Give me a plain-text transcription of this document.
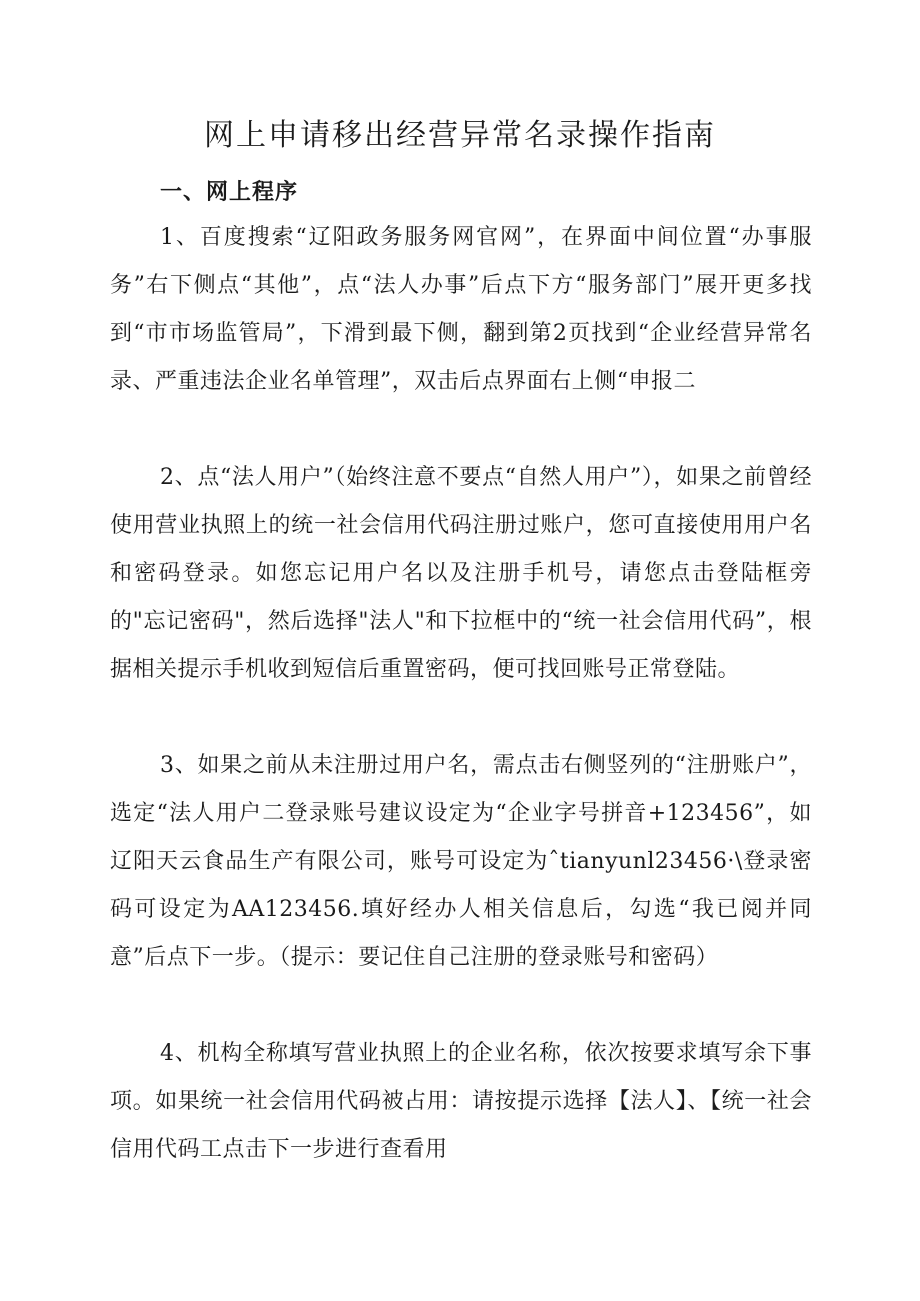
网上申请移出经营异常名录操作指南
一、网上程序

1、百度搜索“辽阳政务服务网官网”，在界面中间位置“办事服务”右下侧点“其他”，点“法人办事”后点下方“服务部门”展开更多找到“市市场监管局”，下滑到最下侧，翻到第2页找到“企业经营异常名录、严重违法企业名单管理”，双击后点界面右上侧“申报二

2、点“法人用户”（始终注意不要点“自然人用户”），如果之前曾经使用营业执照上的统一社会信用代码注册过账户，您可直接使用用户名和密码登录。如您忘记用户名以及注册手机号，请您点击登陆框旁的"忘记密码"，然后选择"法人"和下拉框中的“统一社会信用代码”，根据相关提示手机收到短信后重置密码，便可找回账号正常登陆。

3、如果之前从未注册过用户名，需点击右侧竖列的“注册账户”，选定“法人用户二登录账号建议设定为“企业字号拼音+123456”，如辽阳天云食品生产有限公司，账号可设定为ˆtianyunl23456·\登录密码可设定为AA123456.填好经办人相关信息后，勾选“我已阅并同意”后点下一步。（提示：要记住自己注册的登录账号和密码）

4、机构全称填写营业执照上的企业名称，依次按要求填写余下事项。如果统一社会信用代码被占用：请按提示选择【法人】、【统一社会信用代码工点击下一步进行查看用
